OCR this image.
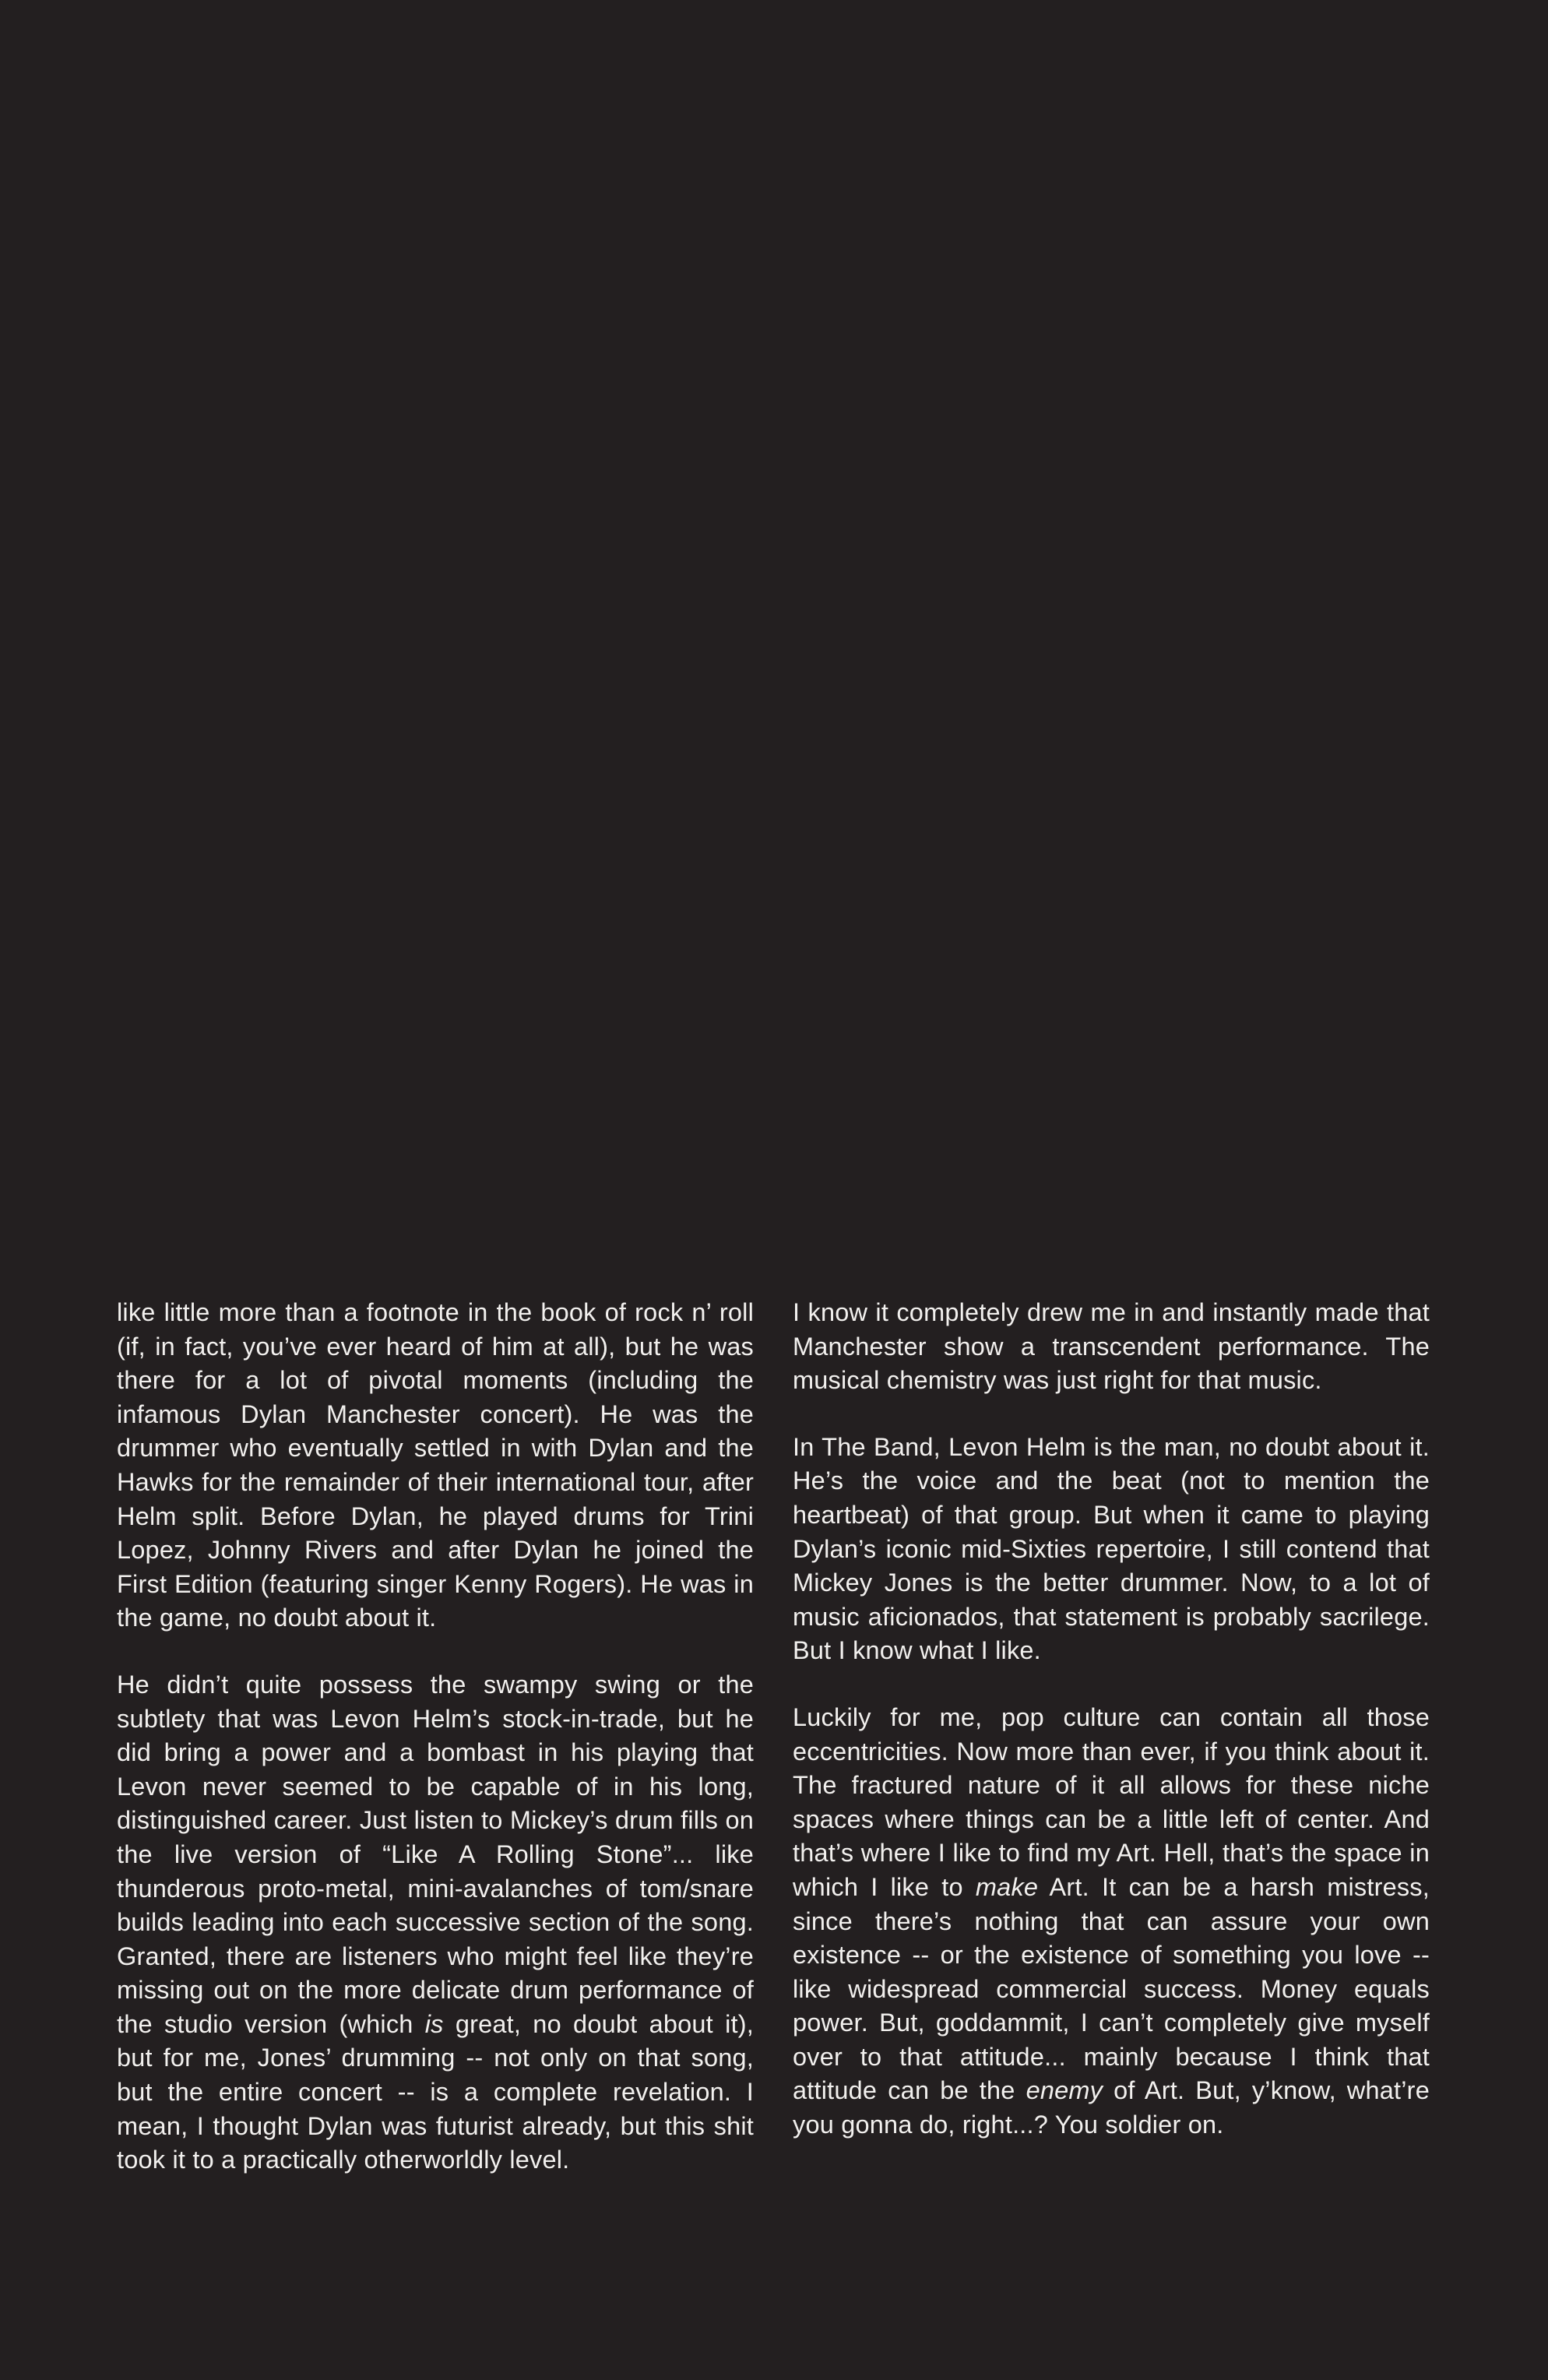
like little more than a footnote in the book of rock n’ roll (if, in fact, you’ve ever heard of him at all), but he was there for a lot of pivotal moments (including the infamous Dylan Manchester concert). He was the drummer who eventually settled in with Dylan and the Hawks for the remainder of their international tour, after Helm split. Before Dylan, he played drums for Trini Lopez, Johnny Rivers and after Dylan he joined the First Edition (featuring singer Kenny Rogers). He was in the game, no doubt about it.

He didn’t quite possess the swampy swing or the subtlety that was Levon Helm’s stock-in-trade, but he did bring a power and a bombast in his playing that Levon never seemed to be capable of in his long, distinguished career. Just listen to Mickey’s drum fills on the live version of “Like A Rolling Stone”... like thunderous proto-metal, mini-avalanches of tom/snare builds leading into each successive section of the song. Granted, there are listeners who might feel like they’re missing out on the more delicate drum performance of the studio version (which is great, no doubt about it), but for me, Jones’ drumming -- not only on that song, but the entire concert -- is a complete revelation. I mean, I thought Dylan was futurist already, but this shit took it to a practically otherworldly level.

I know it completely drew me in and instantly made that Manchester show a transcendent performance. The musical chemistry was just right for that music.

In The Band, Levon Helm is the man, no doubt about it. He’s the voice and the beat (not to mention the heartbeat) of that group. But when it came to playing Dylan’s iconic mid-Sixties repertoire, I still contend that Mickey Jones is the better drummer. Now, to a lot of music aficionados, that statement is probably sacrilege. But I know what I like.

Luckily for me, pop culture can contain all those eccentricities. Now more than ever, if you think about it. The fractured nature of it all allows for these niche spaces where things can be a little left of center. And that’s where I like to find my Art. Hell, that’s the space in which I like to make Art. It can be a harsh mistress, since there’s nothing that can assure your own existence -- or the existence of something you love -- like widespread commercial success. Money equals power. But, goddammit, I can’t completely give myself over to that attitude... mainly because I think that attitude can be the enemy of Art. But, y’know, what’re you gonna do, right...? You soldier on.
